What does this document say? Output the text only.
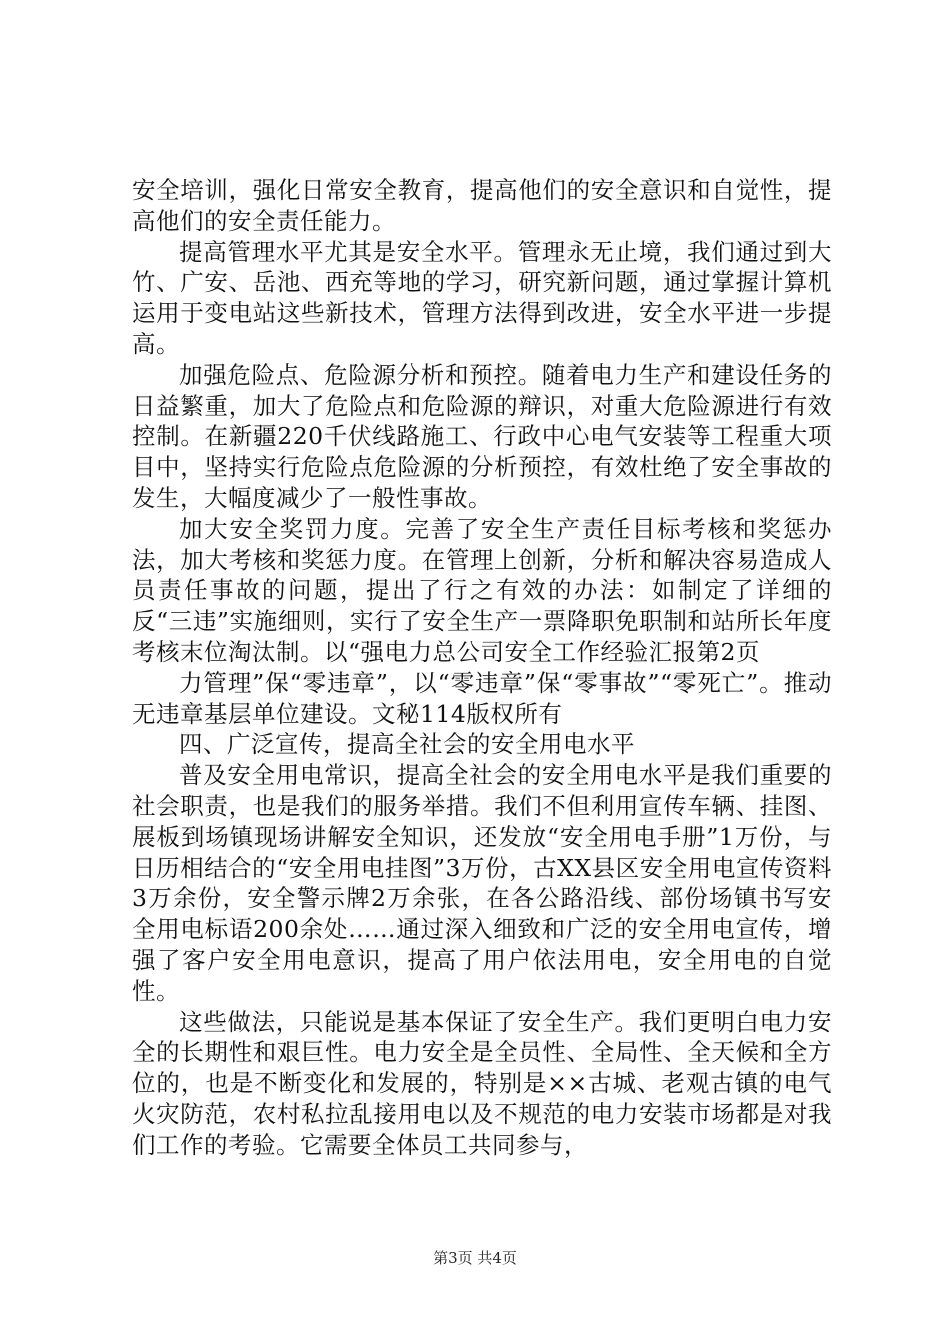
安全培训，强化日常安全教育，提高他们的安全意识和自觉性，提高他们的安全责任能力。

提高管理水平尤其是安全水平。管理永无止境，我们通过到大竹、广安、岳池、西充等地的学习，研究新问题，通过掌握计算机运用于变电站这些新技术，管理方法得到改进，安全水平进一步提高。

加强危险点、危险源分析和预控。随着电力生产和建设任务的日益繁重，加大了危险点和危险源的辩识，对重大危险源进行有效控制。在新疆220千伏线路施工、行政中心电气安装等工程重大项目中，坚持实行危险点危险源的分析预控，有效杜绝了安全事故的发生，大幅度减少了一般性事故。

加大安全奖罚力度。完善了安全生产责任目标考核和奖惩办法，加大考核和奖惩力度。在管理上创新，分析和解决容易造成人员责任事故的问题，提出了行之有效的办法：如制定了详细的反“三违”实施细则，实行了安全生产一票降职免职制和站所长年度考核末位淘汰制。以“强电力总公司安全工作经验汇报第2页

力管理”保“零违章”，以“零违章”保“零事故”“零死亡”。推动无违章基层单位建设。文秘114版权所有

四、广泛宣传，提高全社会的安全用电水平

普及安全用电常识，提高全社会的安全用电水平是我们重要的社会职责，也是我们的服务举措。我们不但利用宣传车辆、挂图、展板到场镇现场讲解安全知识，还发放“安全用电手册”1万份，与日历相结合的“安全用电挂图”3万份，古XX县区安全用电宣传资料3万余份，安全警示牌2万余张，在各公路沿线、部份场镇书写安全用电标语200余处……通过深入细致和广泛的安全用电宣传，增强了客户安全用电意识，提高了用户依法用电，安全用电的自觉性。

这些做法，只能说是基本保证了安全生产。我们更明白电力安全的长期性和艰巨性。电力安全是全员性、全局性、全天候和全方位的，也是不断变化和发展的，特别是××古城、老观古镇的电气火灾防范，农村私拉乱接用电以及不规范的电力安装市场都是对我们工作的考验。它需要全体员工共同参与，

第3页 共4页
